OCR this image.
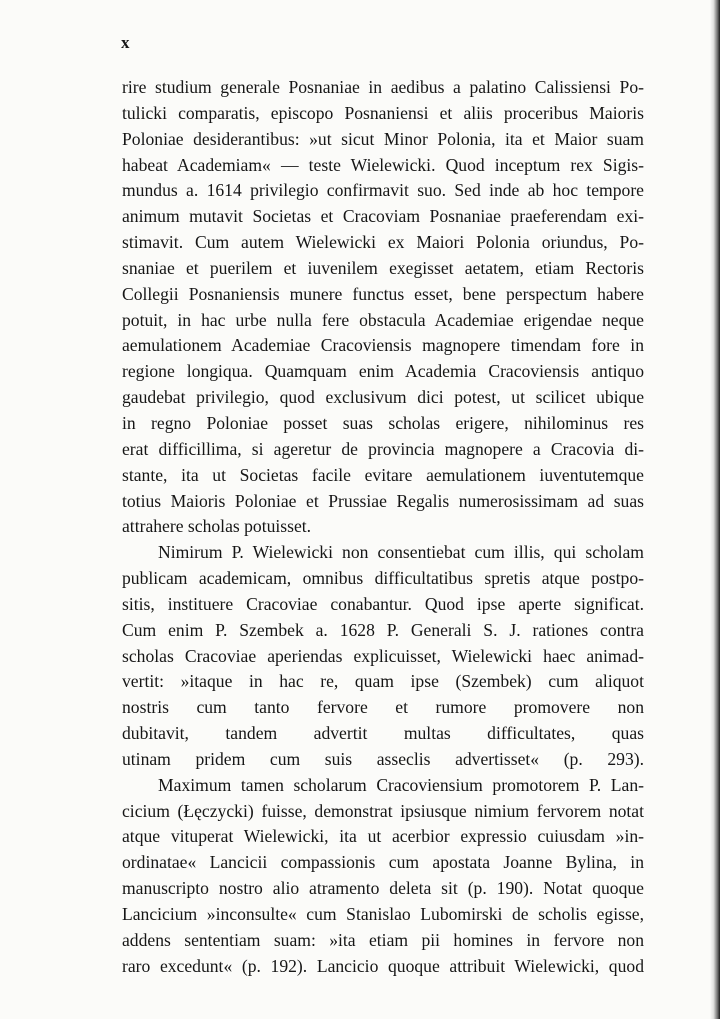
x
rire studium generale Posnaniae in aedibus a palatino Calissiensi Po-
tulicki comparatis, episcopo Posnaniensi et aliis proceribus Maioris
Poloniae desiderantibus: »ut sicut Minor Polonia, ita et Maior suam
habeat Academiam« — teste Wielewicki. Quod inceptum rex Sigis-
mundus a. 1614 privilegio confirmavit suo. Sed inde ab hoc tempore
animum mutavit Societas et Cracoviam Posnaniae praeferendam exi-
stimavit. Cum autem Wielewicki ex Maiori Polonia oriundus, Po-
snaniae et puerilem et iuvenilem exegisset aetatem, etiam Rectoris
Collegii Posnaniensis munere functus esset, bene perspectum habere
potuit, in hac urbe nulla fere obstacula Academiae erigendae neque
aemulationem Academiae Cracoviensis magnopere timendam fore in
regione longiqua. Quamquam enim Academia Cracoviensis antiquo
gaudebat privilegio, quod exclusivum dici potest, ut scilicet ubique
in regno Poloniae posset suas scholas erigere, nihilominus res
erat difficillima, si ageretur de provincia magnopere a Cracovia di-
stante, ita ut Societas facile evitare aemulationem iuventutemque
totius Maioris Poloniae et Prussiae Regalis numerosissimam ad suas
attrahere scholas potuisset.
Nimirum P. Wielewicki non consentiebat cum illis, qui scholam
publicam academicam, omnibus difficultatibus spretis atque postpo-
sitis, instituere Cracoviae conabantur. Quod ipse aperte significat.
Cum enim P. Szembek a. 1628 P. Generali S. J. rationes contra
scholas Cracoviae aperiendas explicuisset, Wielewicki haec animad-
vertit: »itaque in hac re, quam ipse (Szembek) cum aliquot
nostris cum tanto fervore et rumore promovere non
dubitavit, tandem advertit multas difficultates, quas
utinam pridem cum suis asseclis advertisset« (p. 293).
Maximum tamen scholarum Cracoviensium promotorem P. Lan-
cicium (Łęczycki) fuisse, demonstrat ipsiusque nimium fervorem notat
atque vituperat Wielewicki, ita ut acerbior expressio cuiusdam »in-
ordinatae« Lancicii compassionis cum apostata Joanne Bylina, in
manuscripto nostro alio atramento deleta sit (p. 190). Notat quoque
Lancicium »inconsulte« cum Stanislao Lubomirski de scholis egisse,
addens sententiam suam: »ita etiam pii homines in fervore non
raro excedunt« (p. 192). Lancicio quoque attribuit Wielewicki, quod
